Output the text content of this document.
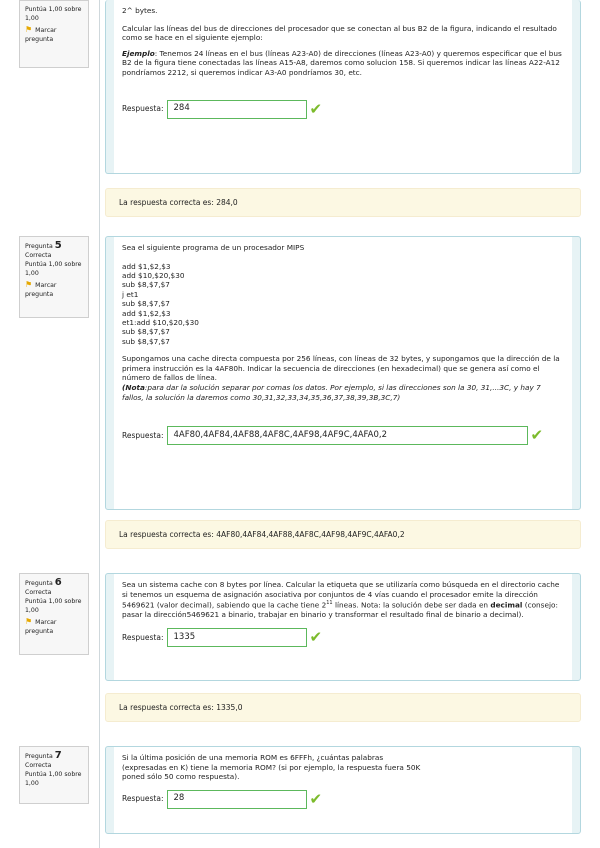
Puntúa 1,00 sobre 1,00
⚑ Marcar pregunta

2^ bytes.

Calcular las líneas del bus de direcciones del procesador que se conectan al bus B2 de la figura, indicando el resultado como se hace en el siguiente ejemplo:

Ejemplo: Tenemos 24 líneas en el bus (líneas A23-A0) de direcciones (líneas A23-A0) y queremos especificar que el bus B2 de la figura tiene conectadas las líneas A15-A8, daremos como solucion 158. Si queremos indicar las líneas A22-A12 pondríamos 2212, si queremos indicar A3-A0 pondríamos 30, etc.

Respuesta:	284	✔
La respuesta correcta es: 284,0
Pregunta 5
Correcta
Puntúa 1,00 sobre 1,00
⚑ Marcar pregunta

Sea el siguiente programa de un procesador MIPS

add $1,$2,$3
add $10,$20,$30
sub $8,$7,$7
j et1
sub $8,$7,$7
add $1,$2,$3
et1:add $10,$20,$30
sub $8,$7,$7
sub $8,$7,$7

Supongamos una cache directa compuesta por 256 líneas, con líneas de 32 bytes, y supongamos que la dirección de la primera instrucción es la 4AF80h. Indicar la secuencia de direcciones (en hexadecimal) que se genera así como el número de fallos de línea.

(Nota:para dar la solución separar por comas los datos. Por ejemplo, si las direcciones son la 30, 31,...3C, y hay 7 fallos, la solución la daremos como 30,31,32,33,34,35,36,37,38,39,3B,3C,7)

Respuesta:	4AF80,4AF84,4AF88,4AF8C,4AF98,4AF9C,4AFA0,2	✔
La respuesta correcta es: 4AF80,4AF84,4AF88,4AF8C,4AF98,4AF9C,4AFA0,2
Pregunta 6
Correcta
Puntúa 1,00 sobre 1,00
⚑ Marcar pregunta

Sea un sistema cache con 8 bytes por línea. Calcular la etiqueta que se utilizaría como búsqueda en el directorio cache si tenemos un esquema de asignación asociativa por conjuntos de 4 vías cuando el procesador emite la dirección 5469621 (valor decimal), sabiendo que la cache tiene $2^{11}$ líneas. Nota: la solución debe ser dada en decimal (consejo: pasar la dirección5469621 a binario, trabajar en binario y transformar el resultado final de binario a decimal).

Respuesta:	1335	✔
La respuesta correcta es: 1335,0
Pregunta 7
Correcta
Puntúa 1,00 sobre 1,00

Si la última posición de una memoria ROM es 6FFFh, ¿cuántas palabras (expresadas en K) tiene la memoria ROM? (si por ejemplo, la respuesta fuera 50K poned sólo 50 como respuesta).

Respuesta:	28	✔
